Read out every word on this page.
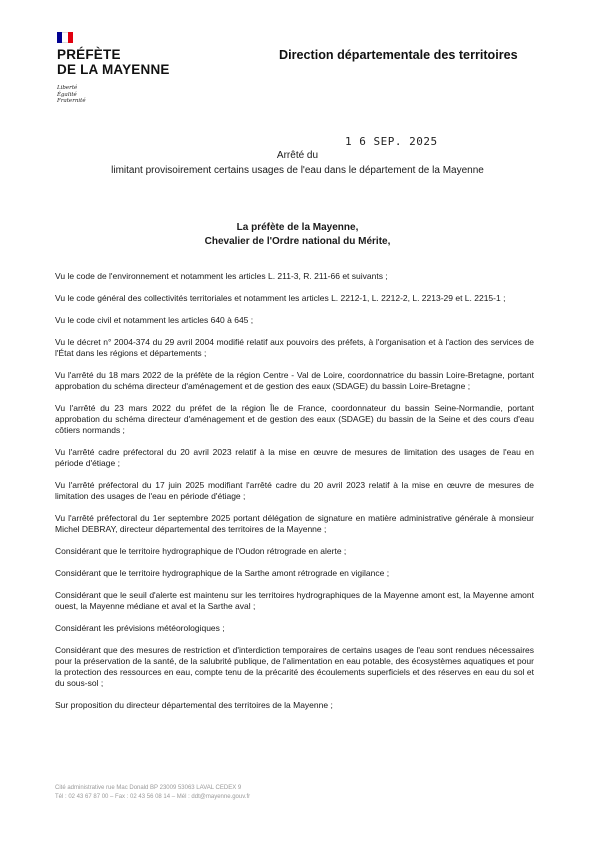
PRÉFÈTE
DE LA MAYENNE
Liberté
Égalité
Fraternité
Direction départementale des territoires
1 6 SEP. 2025
Arrêté du
limitant provisoirement certains usages de l'eau dans le département de la Mayenne
La préfète de la Mayenne,
Chevalier de l'Ordre national du Mérite,

Vu le code de l'environnement et notamment les articles L. 211-3, R. 211-66 et suivants ;

Vu le code général des collectivités territoriales et notamment les articles L. 2212-1, L. 2212-2, L. 2213-29 et L. 2215-1 ;

Vu le code civil et notamment les articles 640 à 645 ;

Vu le décret n° 2004-374 du 29 avril 2004 modifié relatif aux pouvoirs des préfets, à l'organisation et à l'action des services de l'État dans les régions et départements ;

Vu l'arrêté du 18 mars 2022 de la préfète de la région Centre - Val de Loire, coordonnatrice du bassin Loire-Bretagne, portant approbation du schéma directeur d'aménagement et de gestion des eaux (SDAGE) du bassin Loire-Bretagne ;

Vu l'arrêté du 23 mars 2022 du préfet de la région Île de France, coordonnateur du bassin Seine-Normandie, portant approbation du schéma directeur d'aménagement et de gestion des eaux (SDAGE) du bassin de la Seine et des cours d'eau côtiers normands ;

Vu l'arrêté cadre préfectoral du 20 avril 2023 relatif à la mise en œuvre de mesures de limitation des usages de l'eau en période d'étiage ;

Vu l'arrêté préfectoral du 17 juin 2025 modifiant l'arrêté cadre du 20 avril 2023 relatif à la mise en œuvre de mesures de limitation des usages de l'eau en période d'étiage ;

Vu l'arrêté préfectoral du 1er septembre 2025 portant délégation de signature en matière administrative générale à monsieur Michel DEBRAY, directeur départemental des territoires de la Mayenne ;

Considérant que le territoire hydrographique de l'Oudon rétrograde en alerte ;

Considérant que le territoire hydrographique de la Sarthe amont rétrograde en vigilance ;

Considérant que le seuil d'alerte est maintenu sur les territoires hydrographiques de la Mayenne amont est, la Mayenne amont ouest, la Mayenne médiane et aval et la Sarthe aval ;

Considérant les prévisions météorologiques ;

Considérant que des mesures de restriction et d'interdiction temporaires de certains usages de l'eau sont rendues nécessaires pour la préservation de la santé, de la salubrité publique, de l'alimentation en eau potable, des écosystèmes aquatiques et pour la protection des ressources en eau, compte tenu de la précarité des écoulements superficiels et des réserves en eau du sol et du sous-sol ;

Sur proposition du directeur départemental des territoires de la Mayenne ;

Cité administrative rue Mac Donald BP 23009 53063 LAVAL CEDEX 9
Tél : 02 43 67 87 00 – Fax : 02 43 56 08 14 – Mél : ddt@mayenne.gouv.fr
